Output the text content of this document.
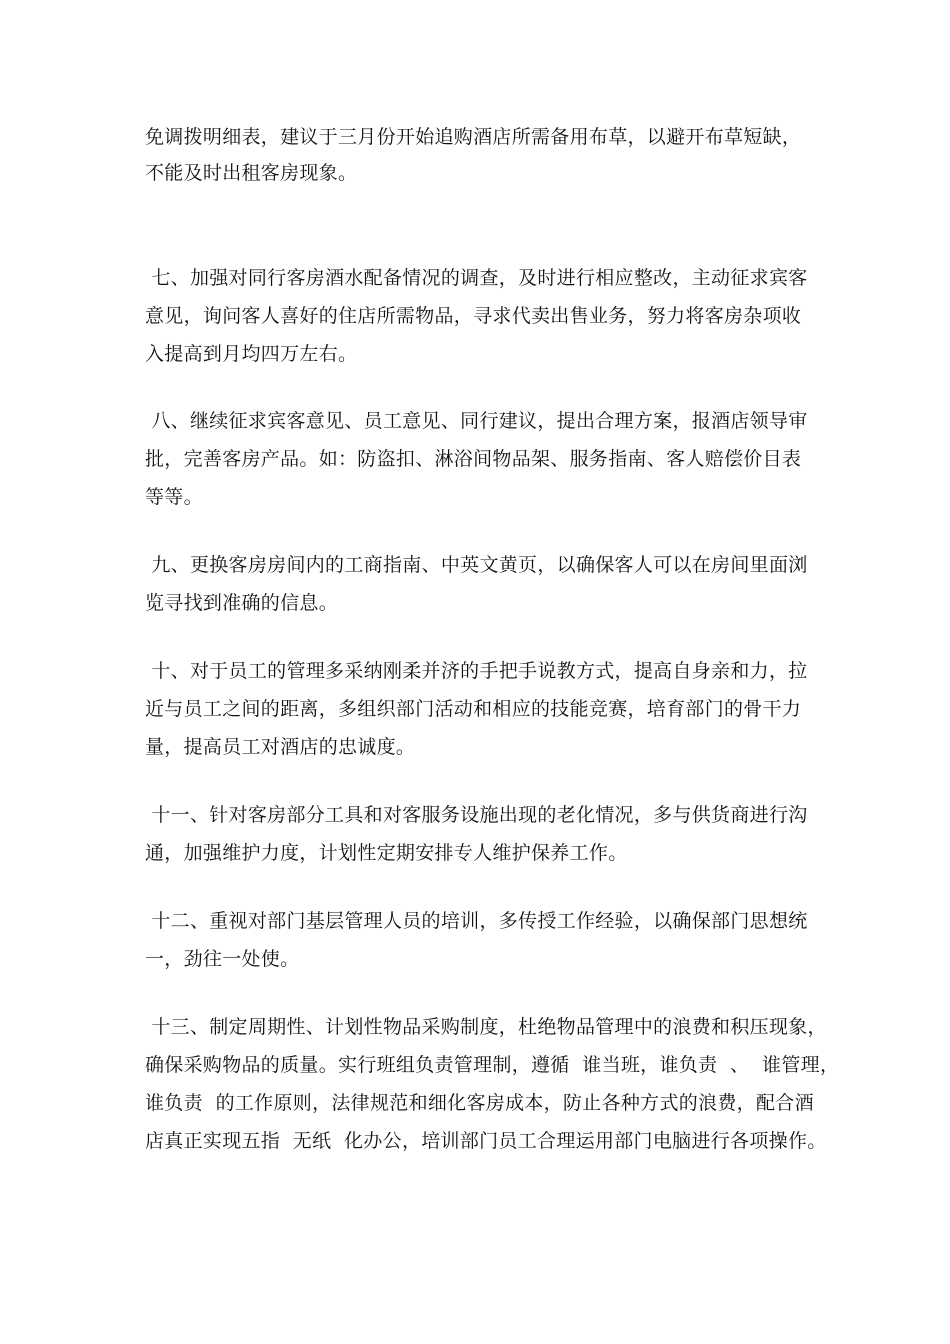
免调拨明细表，建议于三月份开始追购酒店所需备用布草，以避开布草短缺，
不能及时出租客房现象。
七、加强对同行客房酒水配备情况的调查，及时进行相应整改，主动征求宾客
意见，询问客人喜好的住店所需物品，寻求代卖出售业务，努力将客房杂项收
入提高到月均四万左右。
八、继续征求宾客意见、员工意见、同行建议，提出合理方案，报酒店领导审
批，完善客房产品。如：防盗扣、淋浴间物品架、服务指南、客人赔偿价目表
等等。
九、更换客房房间内的工商指南、中英文黄页，以确保客人可以在房间里面浏
览寻找到准确的信息。
十、对于员工的管理多采纳刚柔并济的手把手说教方式，提高自身亲和力，拉
近与员工之间的距离，多组织部门活动和相应的技能竞赛，培育部门的骨干力
量，提高员工对酒店的忠诚度。
十一、针对客房部分工具和对客服务设施出现的老化情况，多与供货商进行沟
通，加强维护力度，计划性定期安排专人维护保养工作。
十二、重视对部门基层管理人员的培训，多传授工作经验，以确保部门思想统
一，劲往一处使。
十三、制定周期性、计划性物品采购制度，杜绝物品管理中的浪费和积压现象，
确保采购物品的质量。实行班组负责管理制，遵循  谁当班，谁负责  、  谁管理，
谁负责  的工作原则，法律规范和细化客房成本，防止各种方式的浪费，配合酒
店真正实现五指  无纸  化办公，培训部门员工合理运用部门电脑进行各项操作。
